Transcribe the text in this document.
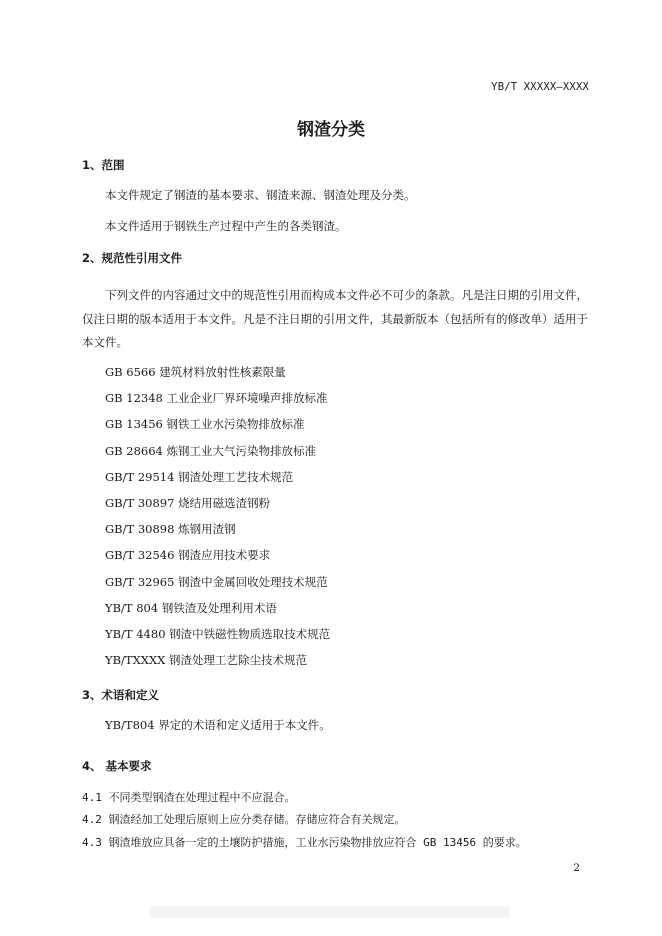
YB/T XXXXX—XXXX
钢渣分类
1、范围
本文件规定了钢渣的基本要求、钢渣来源、钢渣处理及分类。
本文件适用于钢铁生产过程中产生的各类钢渣。
2、规范性引用文件

下列文件的内容通过文中的规范性引用而构成本文件必不可少的条款。凡是注日期的引用文件，仅注日期的版本适用于本文件。凡是不注日期的引用文件，其最新版本（包括所有的修改单）适用于本文件。

GB 6566 建筑材料放射性核素限量
GB 12348 工业企业厂界环境噪声排放标准
GB 13456 钢铁工业水污染物排放标准
GB 28664 炼钢工业大气污染物排放标准
GB/T 29514 钢渣处理工艺技术规范
GB/T 30897 烧结用磁选渣钢粉
GB/T 30898 炼钢用渣钢
GB/T 32546 钢渣应用技术要求
GB/T 32965 钢渣中金属回收处理技术规范
YB/T 804 钢铁渣及处理利用术语
YB/T 4480 钢渣中铁磁性物质选取技术规范
YB/TXXXX 钢渣处理工艺除尘技术规范
3、术语和定义
YB/T804 界定的术语和定义适用于本文件。
4、 基本要求
4.1 不同类型钢渣在处理过程中不应混合。
4.2 钢渣经加工处理后原则上应分类存储。存储应符合有关规定。
4.3 钢渣堆放应具备一定的土壤防护措施，工业水污染物排放应符合 GB 13456 的要求。
2
